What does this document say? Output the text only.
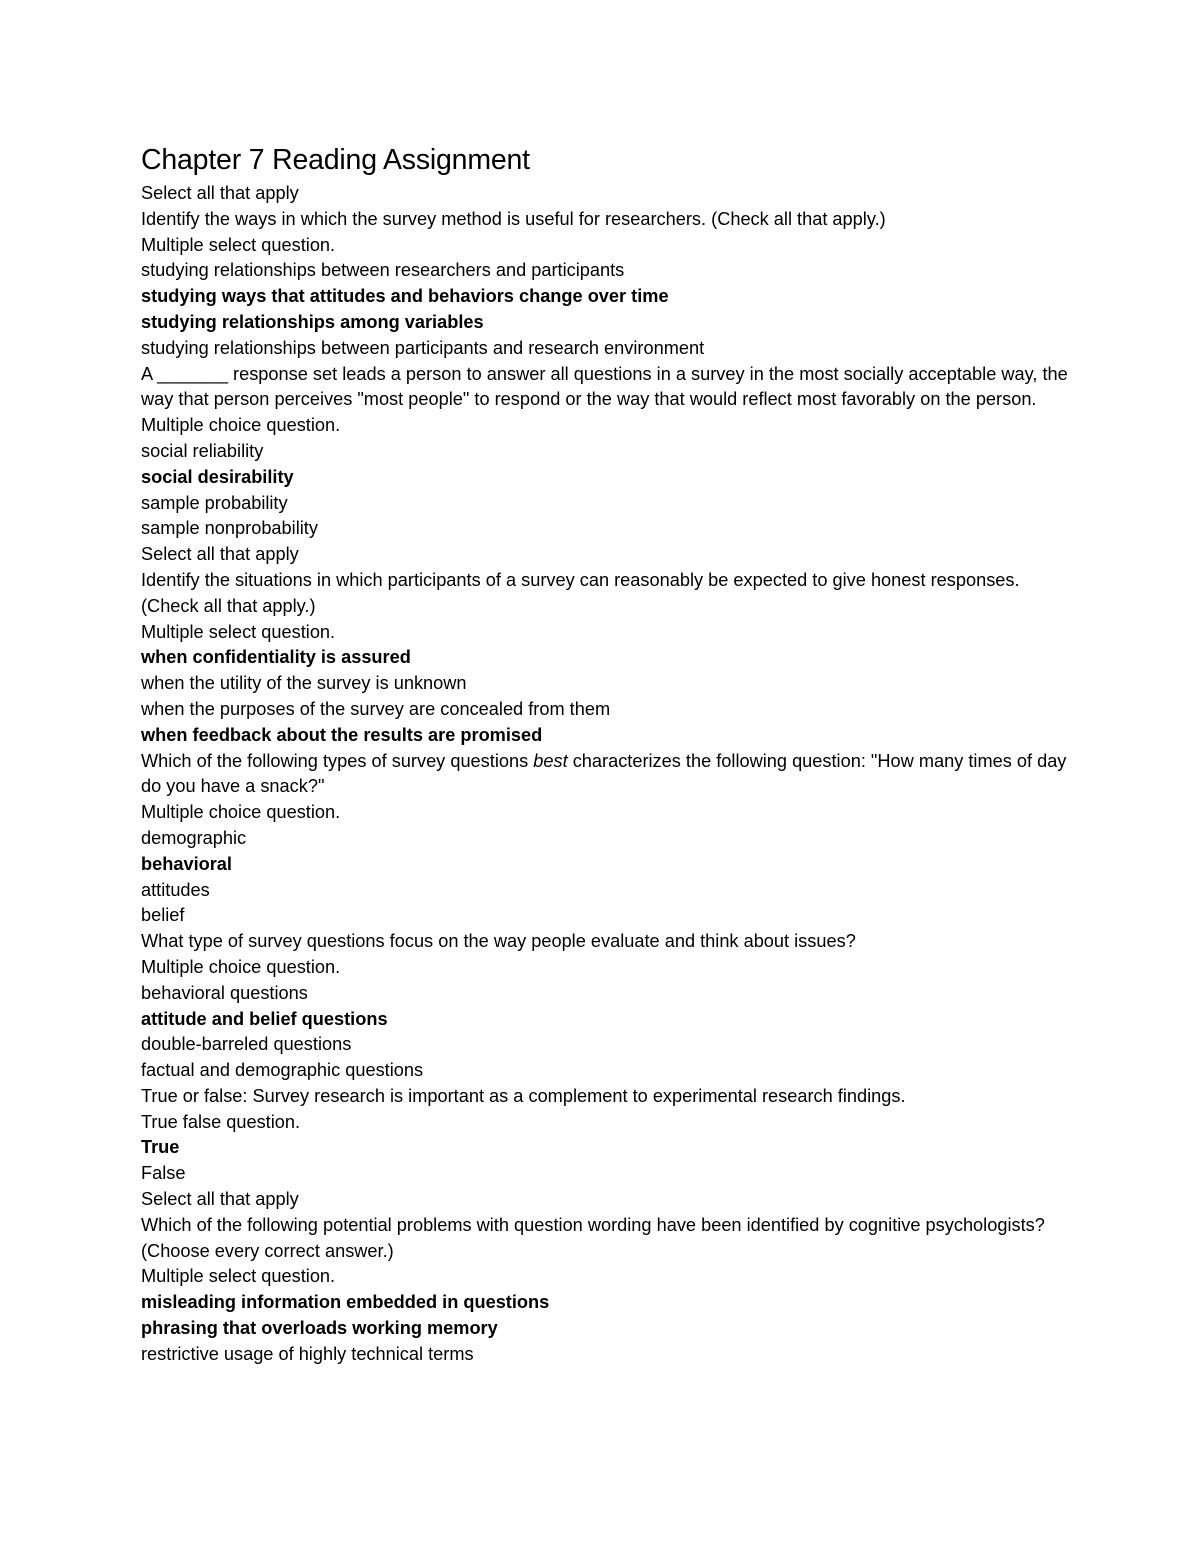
Chapter 7 Reading Assignment

Select all that apply

Identify the ways in which the survey method is useful for researchers. (Check all that apply.)

Multiple select question.

studying relationships between researchers and participants

studying ways that attitudes and behaviors change over time

studying relationships among variables

studying relationships between participants and research environment

A _______ response set leads a person to answer all questions in a survey in the most socially acceptable way, the way that person perceives "most people" to respond or the way that would reflect most favorably on the person.

Multiple choice question.

social reliability

social desirability

sample probability

sample nonprobability

Select all that apply

Identify the situations in which participants of a survey can reasonably be expected to give honest responses. (Check all that apply.)

Multiple select question.

when confidentiality is assured

when the utility of the survey is unknown

when the purposes of the survey are concealed from them

when feedback about the results are promised

Which of the following types of survey questions best characterizes the following question: "How many times of day do you have a snack?"

Multiple choice question.

demographic

behavioral

attitudes

belief

What type of survey questions focus on the way people evaluate and think about issues?

Multiple choice question.

behavioral questions

attitude and belief questions

double-barreled questions

factual and demographic questions

True or false: Survey research is important as a complement to experimental research findings.

True false question.

True

False

Select all that apply

Which of the following potential problems with question wording have been identified by cognitive psychologists? (Choose every correct answer.)

Multiple select question.

misleading information embedded in questions

phrasing that overloads working memory

restrictive usage of highly technical terms
